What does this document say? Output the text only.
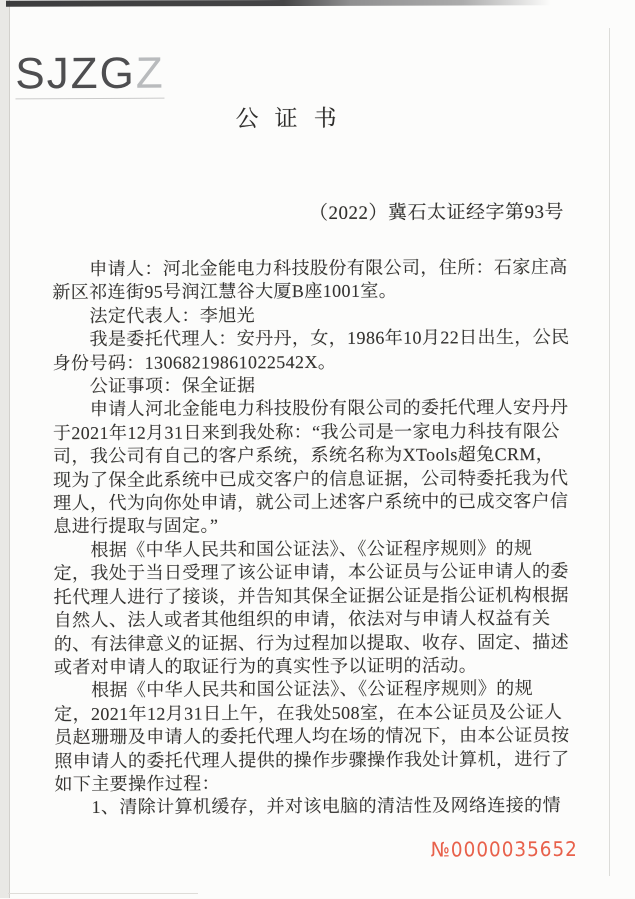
SJZGZ
公证书
（2022）冀石太证经字第93号
申请人：河北金能电力科技股份有限公司，住所：石家庄高
新区祁连街95号润江慧谷大厦B座1001室。
法定代表人：李旭光
我是委托代理人：安丹丹，女，1986年10月22日出生，公民
身份号码：13068219861022542X。
公证事项：保全证据
申请人河北金能电力科技股份有限公司的委托代理人安丹丹
于2021年12月31日来到我处称：“我公司是一家电力科技有限公
司，我公司有自己的客户系统，系统名称为XTools超兔CRM，
现为了保全此系统中已成交客户的信息证据，公司特委托我为代
理人，代为向你处申请，就公司上述客户系统中的已成交客户信
息进行提取与固定。”
根据《中华人民共和国公证法》、《公证程序规则》的规
定，我处于当日受理了该公证申请，本公证员与公证申请人的委
托代理人进行了接谈，并告知其保全证据公证是指公证机构根据
自然人、法人或者其他组织的申请，依法对与申请人权益有关
的、有法律意义的证据、行为过程加以提取、收存、固定、描述
或者对申请人的取证行为的真实性予以证明的活动。
根据《中华人民共和国公证法》、《公证程序规则》的规
定，2021年12月31日上午，在我处508室，在本公证员及公证人
员赵珊珊及申请人的委托代理人均在场的情况下，由本公证员按
照申请人的委托代理人提供的操作步骤操作我处计算机，进行了
如下主要操作过程：
1、清除计算机缓存，并对该电脑的清洁性及网络连接的情
№0000035652
